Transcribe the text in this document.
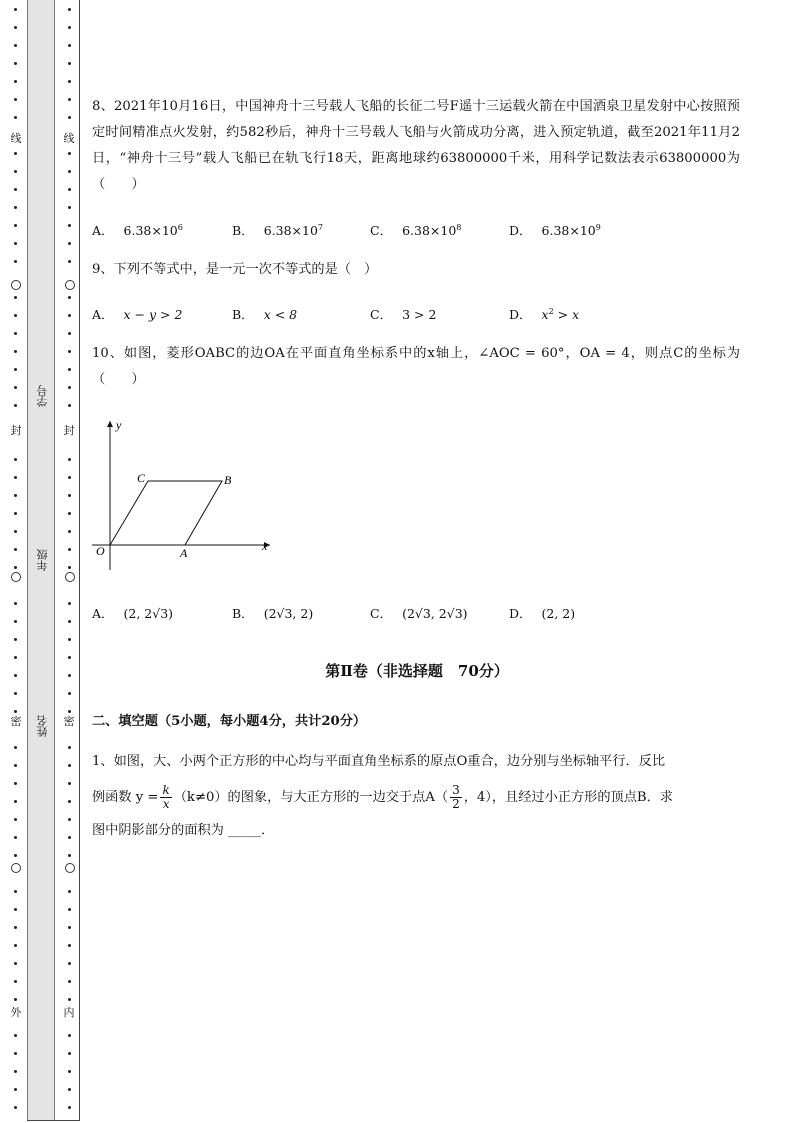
线
封
密
外
线
封
密
内
学号
年级
姓名
8、2021年10月16日，中国神舟十三号载人飞船的长征二号F遥十三运载火箭在中国酒泉卫星发射中心按照预定时间精准点火发射，约582秒后，神舟十三号载人飞船与火箭成功分离，进入预定轨道，截至2021年11月2日，“神舟十三号”载人飞船已在轨飞行18天，距离地球约63800000千米，用科学记数法表示63800000为（　　）
A． $6.38\times 10^6$	B． $6.38\times 10^7$	C． $6.38\times 10^8$	D． $6.38\times 10^9$
9、下列不等式中，是一元一次不等式的是（　）
A． x − y > 2	B． x < 8	C． 3 > 2	D． $x^2 > x$
10、如图，菱形OABC的边OA在平面直角坐标系中的x轴上，∠AOC = 60°，OA = 4，则点C的坐标为（　　）
A． (2, 2√3)	B． (2√3, 2)	C． (2√3, 2√3)	D． (2, 2)
第Ⅱ卷（非选择题　70分）
二、填空题（5小题，每小题4分，共计20分）
1、如图，大、小两个正方形的中心均与平面直角坐标系的原点O重合，边分别与坐标轴平行．反比
例函数 $y = \frac{k}{x} (k\ne 0)$的图象，与大正方形的一边交于点$A( \frac{3}{2}$ ，4），且经过小正方形的顶点B．求
图中阴影部分的面积为 _____．
x
y
O	A
B
C
